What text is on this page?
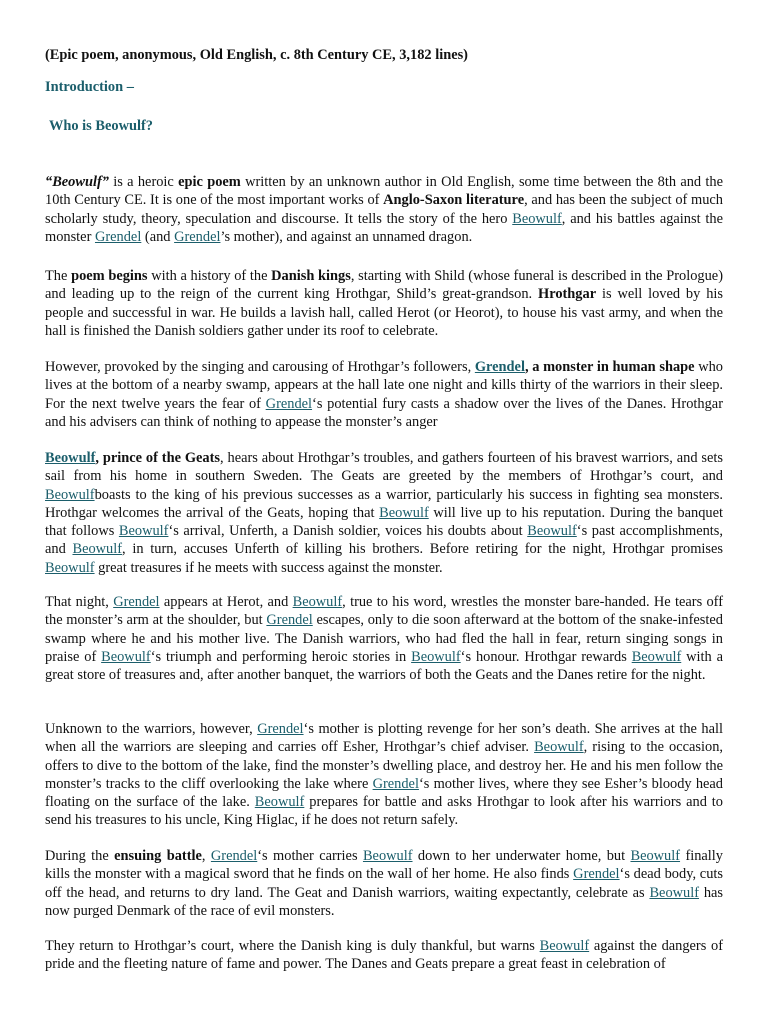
(Epic poem, anonymous, Old English, c. 8th Century CE, 3,182 lines)
Introduction –
Who is Beowulf?

“Beowulf” is a heroic epic poem written by an unknown author in Old English, some time between the 8th and the 10th Century CE. It is one of the most important works of Anglo-Saxon literature, and has been the subject of much scholarly study, theory, speculation and discourse. It tells the story of the hero Beowulf, and his battles against the monster Grendel (and Grendel’s mother), and against an unnamed dragon.

The poem begins with a history of the Danish kings, starting with Shild (whose funeral is described in the Prologue) and leading up to the reign of the current king Hrothgar, Shild’s great-grandson. Hrothgar is well loved by his people and successful in war. He builds a lavish hall, called Herot (or Heorot), to house his vast army, and when the hall is finished the Danish soldiers gather under its roof to celebrate.

However, provoked by the singing and carousing of Hrothgar’s followers, Grendel, a monster in human shape who lives at the bottom of a nearby swamp, appears at the hall late one night and kills thirty of the warriors in their sleep. For the next twelve years the fear of Grendel‘s potential fury casts a shadow over the lives of the Danes. Hrothgar and his advisers can think of nothing to appease the monster’s anger

Beowulf, prince of the Geats, hears about Hrothgar’s troubles, and gathers fourteen of his bravest warriors, and sets sail from his home in southern Sweden. The Geats are greeted by the members of Hrothgar’s court, and Beowulfboasts to the king of his previous successes as a warrior, particularly his success in fighting sea monsters. Hrothgar welcomes the arrival of the Geats, hoping that Beowulf will live up to his reputation. During the banquet that follows Beowulf‘s arrival, Unferth, a Danish soldier, voices his doubts about Beowulf‘s past accomplishments, and Beowulf, in turn, accuses Unferth of killing his brothers. Before retiring for the night, Hrothgar promises Beowulf great treasures if he meets with success against the monster.

That night, Grendel appears at Herot, and Beowulf, true to his word, wrestles the monster bare-handed. He tears off the monster’s arm at the shoulder, but Grendel escapes, only to die soon afterward at the bottom of the snake-infested swamp where he and his mother live. The Danish warriors, who had fled the hall in fear, return singing songs in praise of Beowulf‘s triumph and performing heroic stories in Beowulf‘s honour. Hrothgar rewards Beowulf with a great store of treasures and, after another banquet, the warriors of both the Geats and the Danes retire for the night.

Unknown to the warriors, however, Grendel‘s mother is plotting revenge for her son’s death. She arrives at the hall when all the warriors are sleeping and carries off Esher, Hrothgar’s chief adviser. Beowulf, rising to the occasion, offers to dive to the bottom of the lake, find the monster’s dwelling place, and destroy her. He and his men follow the monster’s tracks to the cliff overlooking the lake where Grendel‘s mother lives, where they see Esher’s bloody head floating on the surface of the lake. Beowulf prepares for battle and asks Hrothgar to look after his warriors and to send his treasures to his uncle, King Higlac, if he does not return safely.

During the ensuing battle, Grendel‘s mother carries Beowulf down to her underwater home, but Beowulf finally kills the monster with a magical sword that he finds on the wall of her home. He also finds Grendel‘s dead body, cuts off the head, and returns to dry land. The Geat and Danish warriors, waiting expectantly, celebrate as Beowulf has now purged Denmark of the race of evil monsters.

They return to Hrothgar’s court, where the Danish king is duly thankful, but warns Beowulf against the dangers of pride and the fleeting nature of fame and power. The Danes and Geats prepare a great feast in celebration of
